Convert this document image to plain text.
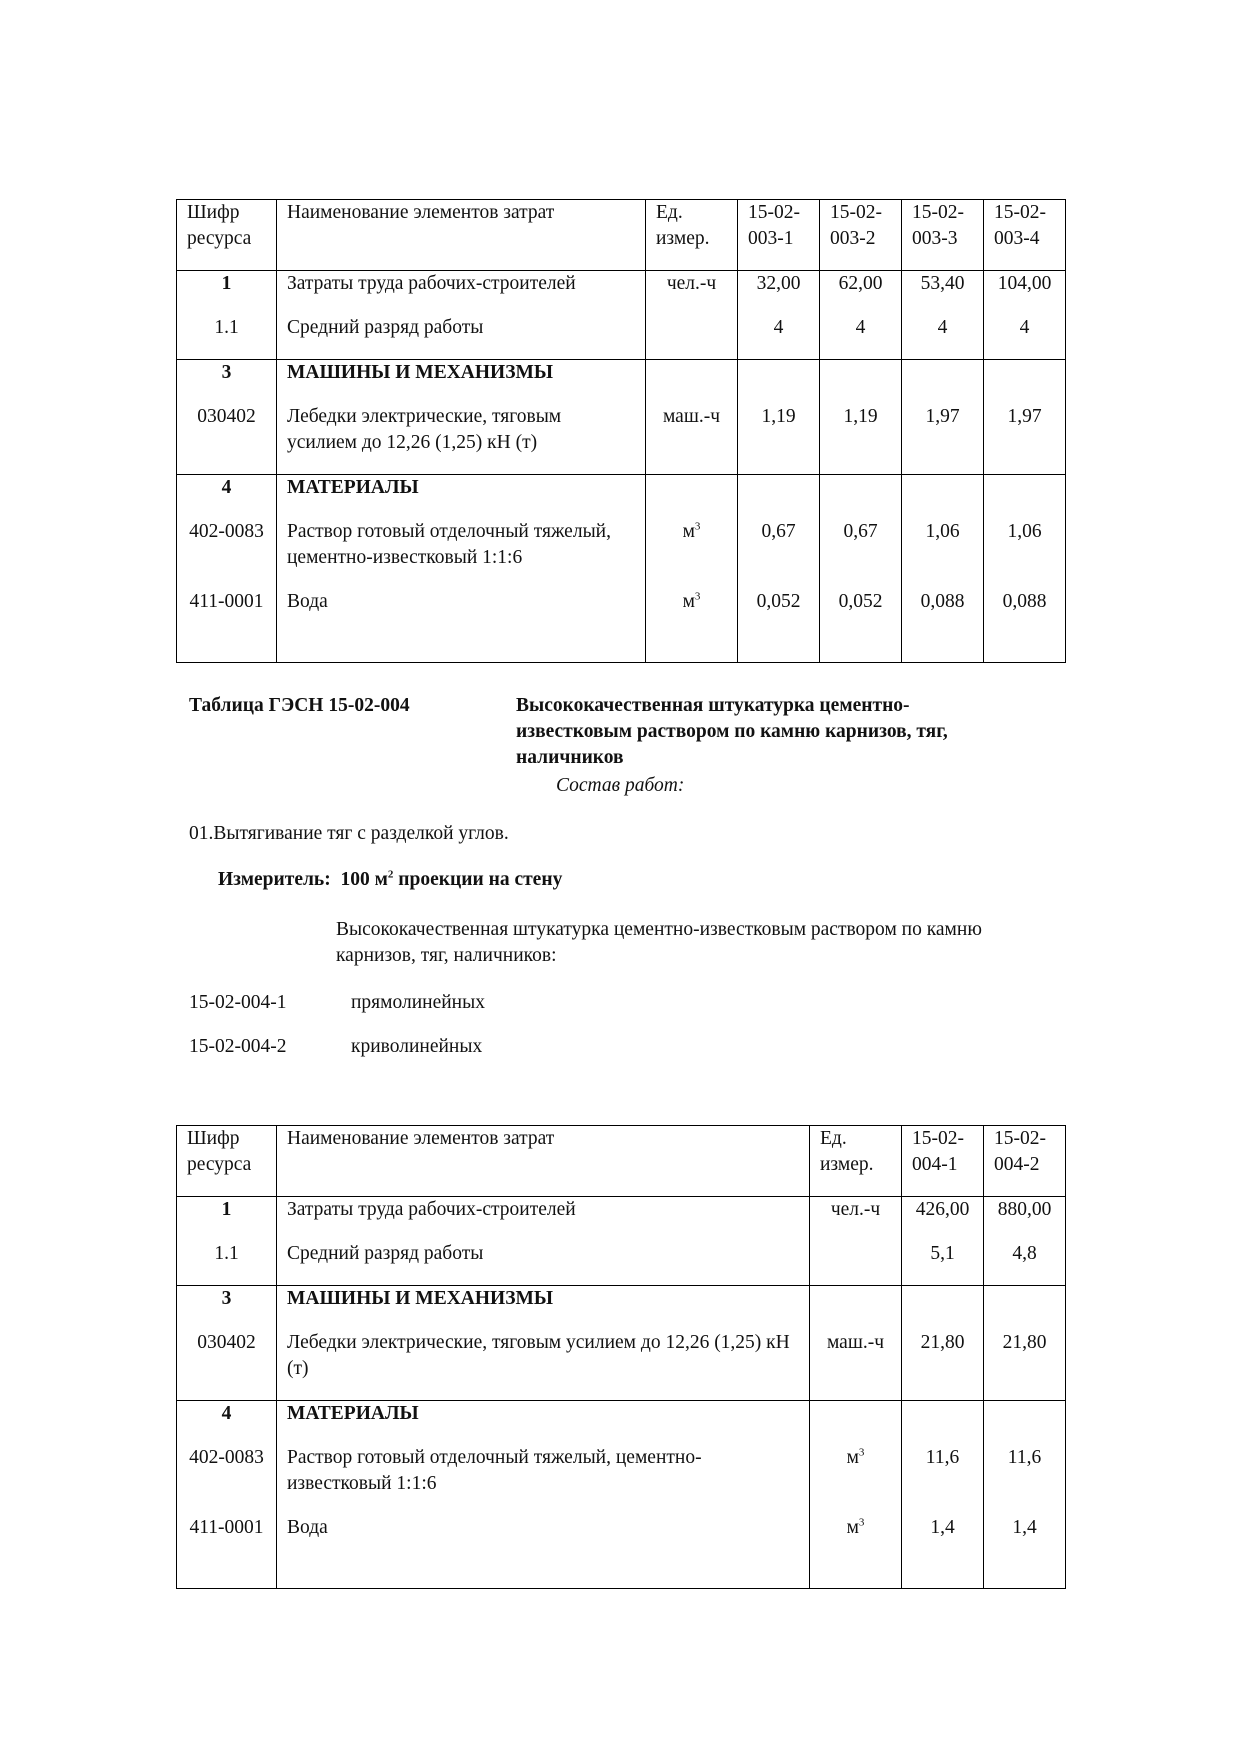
Шифр ресурса	Наименование элементов затрат	Ед. измер.	15-02-003-1	15-02-003-2	15-02-003-3	15-02-003-4
1	Затраты труда рабочих-строителей	чел.-ч	32,00	62,00	53,40	104,00
1.1	Средний разряд работы		4	4	4	4
3	МАШИНЫ И МЕХАНИЗМЫ					
030402	Лебедки электрические, тяговым усилием до 12,26 (1,25) кН (т)	маш.-ч	1,19	1,19	1,97	1,97
4	МАТЕРИАЛЫ					
402-0083	Раствор готовый отделочный тяжелый, цементно-известковый 1:1:6	$м^3$	0,67	0,67	1,06	1,06
411-0001	Вода	$м^3$	0,052	0,052	0,088	0,088
Таблица ГЭСН 15-02-004	Высококачественная штукатурка цементно-известковым раствором по камню карнизов, тяг, наличников
Состав работ:
01.Вытягивание тяг с разделкой углов.
Измеритель: 100 $м^2$ проекции на стену
Высококачественная штукатурка цементно-известковым раствором по камню карнизов, тяг, наличников:
15-02-004-1	прямолинейных
15-02-004-2	криволинейных
Шифр ресурса	Наименование элементов затрат	Ед. измер.	15-02-004-1	15-02-004-2
1	Затраты труда рабочих-строителей	чел.-ч	426,00	880,00
1.1	Средний разряд работы		5,1	4,8
3	МАШИНЫ И МЕХАНИЗМЫ			
030402	Лебедки электрические, тяговым усилием до 12,26 (1,25) кН (т)	маш.-ч	21,80	21,80
4	МАТЕРИАЛЫ			
402-0083	Раствор готовый отделочный тяжелый, цементно-известковый 1:1:6	$м^3$	11,6	11,6
411-0001	Вода	$м^3$	1,4	1,4
